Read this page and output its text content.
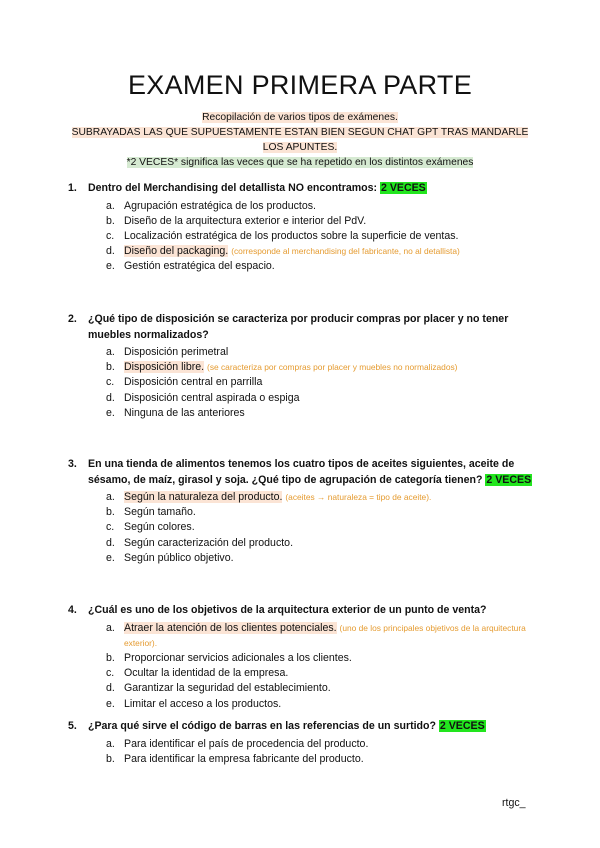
EXAMEN PRIMERA PARTE
Recopilación de varios tipos de exámenes.
SUBRAYADAS LAS QUE SUPUESTAMENTE ESTAN BIEN SEGUN CHAT GPT TRAS MANDARLE LOS APUNTES.
*2 VECES* significa las veces que se ha repetido en los distintos exámenes
1. Dentro del Merchandising del detallista NO encontramos: 2 VECES
a. Agrupación estratégica de los productos.
b. Diseño de la arquitectura exterior e interior del PdV.
c. Localización estratégica de los productos sobre la superficie de ventas.
d. Diseño del packaging. (corresponde al merchandising del fabricante, no al detallista)
e. Gestión estratégica del espacio.
2. ¿Qué tipo de disposición se caracteriza por producir compras por placer y no tener muebles normalizados?
a. Disposición perimetral
b. Disposición libre. (se caracteriza por compras por placer y muebles no normalizados)
c. Disposición central en parrilla
d. Disposición central aspirada o espiga
e. Ninguna de las anteriores
3. En una tienda de alimentos tenemos los cuatro tipos de aceites siguientes, aceite de sésamo, de maíz, girasol y soja. ¿Qué tipo de agrupación de categoría tienen? 2 VECES
a. Según la naturaleza del producto. (aceites → naturaleza = tipo de aceite).
b. Según tamaño.
c. Según colores.
d. Según caracterización del producto.
e. Según público objetivo.
4. ¿Cuál es uno de los objetivos de la arquitectura exterior de un punto de venta?
a. Atraer la atención de los clientes potenciales. (uno de los principales objetivos de la arquitectura exterior).
b. Proporcionar servicios adicionales a los clientes.
c. Ocultar la identidad de la empresa.
d. Garantizar la seguridad del establecimiento.
e. Limitar el acceso a los productos.
5. ¿Para qué sirve el código de barras en las referencias de un surtido? 2 VECES
a. Para identificar el país de procedencia del producto.
b. Para identificar la empresa fabricante del producto.
rtgc_
